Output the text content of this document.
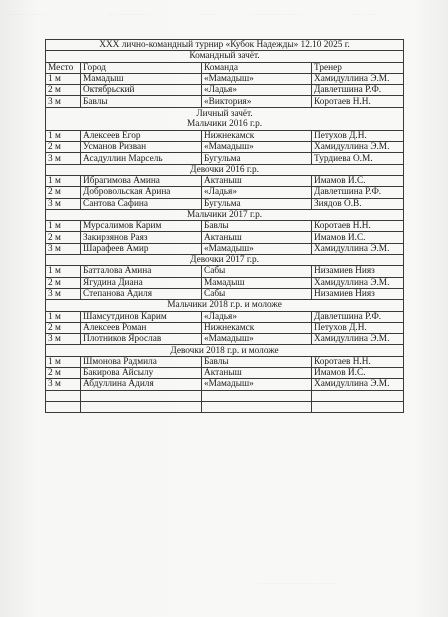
· · · · · · · · · · · · ·	· · · · · · · · · · · · · · ·	· · · · · ·	· · · · · · · · · · · · · · · · · ·	· · · · · · · · · ·
· · · · · · · · · · · · · · · · · · · · · · · · · · ·
XXX лично-командный турнир «Кубок Надежды» 12.10 2025 г.			
Командный зачёт.			
Место	Город	Команда	Тренер
1 м	Мамадыш	«Мамадыш»	Хамидуллина Э.М.
2 м	Октябрьский	«Ладья»	Давлетшина Р.Ф.
3 м	Бавлы	«Виктория»	Коротаев Н.Н.

Личный зачёт.
Мальчики 2016 г.р.			

1 м	Алексеев Егор	Нижнекамск	Петухов Д.Н.
2 м	Усманов Ризван	«Мамадыш»	Хамидуллина Э.М.
3 м	Асадуллин Марсель	Бугульма	Турдиева О.М.
Девочки 2016 г.р.			
1 м	Ибрагимова Амина	Актаныш	Имамов И.С.
2 м	Добровольская Арина	«Ладья»	Давлетшина Р.Ф.
3 м	Сантова Сафина	Бугульма	Зиядов О.В.
Мальчики 2017 г.р.			
1 м	Мурсалимов Карим	Бавлы	Коротаев Н.Н.
2 м	Закирзянов Раяз	Актаныш	Имамов И.С.
3 м	Шарафеев Амир	«Мамадыш»	Хамидуллина Э.М.
Девочки 2017 г.р.			
1 м	Батталова Амина	Сабы	Низамиев Нияз
2 м	Ягудина Диана	Мамадыш	Хамидуллина Э.М.
3 м	Степанова Адиля	Сабы	Низамиев Нияз
Мальчики 2018 г.р. и моложе			
1 м	Шамсутдинов Карим	«Ладья»	Давлетшина Р.Ф.
2 м	Алексеев Роман	Нижнекамск	Петухов Д.Н.
3 м	Плотников Ярослав	«Мамадыш»	Хамидуллина Э.М.
Девочки 2018 г.р. и моложе			
1 м	Шмонова Радмила	Бавлы	Коротаев Н.Н.
2 м	Бакирова Айсылу	Актаныш	Имамов И.С.
3 м	Абдуллина Адиля	«Мамадыш»	Хамидуллина Э.М.
